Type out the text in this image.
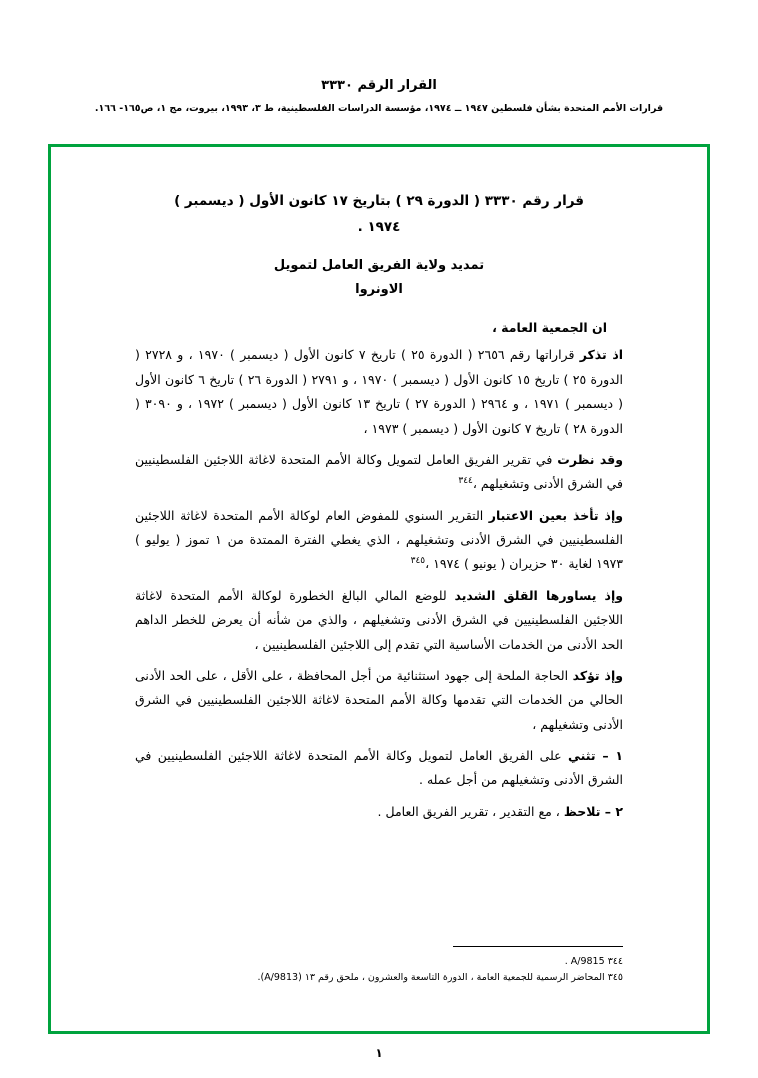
القرار الرقم ٣٣٣٠
قرارات الأمم المتحدة بشأن فلسطين ١٩٤٧ ــ ١٩٧٤، مؤسسة الدراسات الفلسطينية، ط ٣، ١٩٩٣، بيروت، مج ١، ص١٦٥- ١٦٦.
قرار رقم ٣٣٣٠ ( الدورة ٢٩ ) بتاريخ ١٧ كانون الأول ( ديسمبر )
١٩٧٤ .
تمديد ولاية الفريق العامل لتمويل
الاونروا
ان الجمعية العامة ،

اذ تذكر قراراتها رقم ٢٦٥٦ ( الدورة ٢٥ ) تاريخ ٧ كانون الأول ( ديسمبر ) ١٩٧٠ ، و ٢٧٢٨ ( الدورة ٢٥ ) تاريخ ١٥ كانون الأول ( ديسمبر ) ١٩٧٠ ، و ٢٧٩١ ( الدورة ٢٦ ) تاريخ ٦ كانون الأول ( ديسمبر ) ١٩٧١ ، و ٢٩٦٤ ( الدورة ٢٧ ) تاريخ ١٣ كانون الأول ( ديسمبر ) ١٩٧٢ ، و ٣٠٩٠ ( الدورة ٢٨ ) تاريخ ٧ كانون الأول ( ديسمبر ) ١٩٧٣ ،

وقد نظرت في تقرير الفريق العامل لتمويل وكالة الأمم المتحدة لاغاثة اللاجئين الفلسطينيين في الشرق الأدنى وتشغيلهم ،$^{٣٤٤}$

وإذ تأخذ بعين الاعتبار التقرير السنوي للمفوض العام لوكالة الأمم المتحدة لاغاثة اللاجئين الفلسطينيين في الشرق الأدنى وتشغيلهم ، الذي يغطي الفترة الممتدة من ١ تموز ( يوليو ) ١٩٧٣ لغاية ٣٠ حزيران ( يونيو ) ١٩٧٤ ،$^{٣٤٥}$

وإذ يساورها القلق الشديد للوضع المالي البالغ الخطورة لوكالة الأمم المتحدة لاغاثة اللاجئين الفلسطينيين في الشرق الأدنى وتشغيلهم ، والذي من شأنه أن يعرض للخطر الداهم الحد الأدنى من الخدمات الأساسية التي تقدم إلى اللاجئين الفلسطينيين ،

وإذ تؤكد الحاجة الملحة إلى جهود استثنائية من أجل المحافظة ، على الأقل ، على الحد الأدنى الحالي من الخدمات التي تقدمها وكالة الأمم المتحدة لاغاثة اللاجئين الفلسطينيين في الشرق الأدنى وتشغيلهم ،

١ – تثني على الفريق العامل لتمويل وكالة الأمم المتحدة لاغاثة اللاجئين الفلسطينيين في الشرق الأدنى وتشغيلهم من أجل عمله .

٢ – تلاحظ ، مع التقدير ، تقرير الفريق العامل .

٣٤٤ A/9815 .
٣٤٥ المحاضر الرسمية للجمعية العامة ، الدورة التاسعة والعشرون ، ملحق رقم ١٣ (A/9813).
١
